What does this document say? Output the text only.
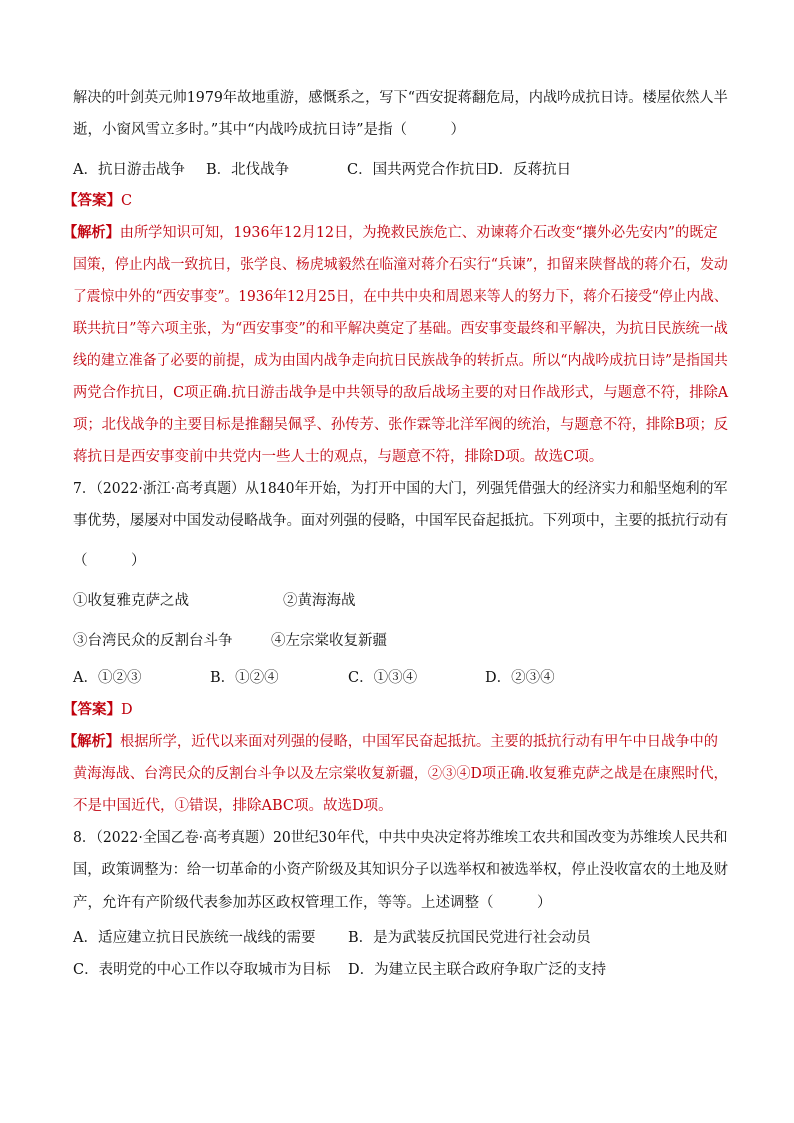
解决的叶剑英元帅1979年故地重游，感慨系之，写下“西安捉蒋翻危局，内战吟成抗日诗。楼屋依然人半
逝，小窗风雪立多时。”其中“内战吟成抗日诗”是指（　　　）
A．抗日游击战争 B．北伐战争	C．国共两党合作抗日D．反蒋抗日
【答案】C
【解析】由所学知识可知，1936年12月12日，为挽救民族危亡、劝谏蒋介石改变“攘外必先安内”的既定
国策，停止内战一致抗日，张学良、杨虎城毅然在临潼对蒋介石实行“兵谏”，扣留来陕督战的蒋介石，发动
了震惊中外的“西安事变”。1936年12月25日，在中共中央和周恩来等人的努力下，蒋介石接受“停止内战、
联共抗日”等六项主张，为“西安事变”的和平解决奠定了基础。西安事变最终和平解决，为抗日民族统一战
线的建立准备了必要的前提，成为由国内战争走向抗日民族战争的转折点。所以“内战吟成抗日诗”是指国共
两党合作抗日，C项正确.抗日游击战争是中共领导的敌后战场主要的对日作战形式，与题意不符，排除A
项；北伐战争的主要目标是推翻吴佩孚、孙传芳、张作霖等北洋军阀的统治，与题意不符，排除B项；反
蒋抗日是西安事变前中共党内一些人士的观点，与题意不符，排除D项。故选C项。
7．（2022·浙江·高考真题）从1840年开始，为打开中国的大门，列强凭借强大的经济实力和船坚炮利的军
事优势，屡屡对中国发动侵略战争。面对列强的侵略，中国军民奋起抵抗。下列项中，主要的抵抗行动有
（　　　）
①收复雅克萨之战	②黄海海战
③台湾民众的反割台斗争	④左宗棠收复新疆
A．①②③	B．①②④	C．①③④	D．②③④
【答案】D
【解析】根据所学，近代以来面对列强的侵略，中国军民奋起抵抗。主要的抵抗行动有甲午中日战争中的
黄海海战、台湾民众的反割台斗争以及左宗棠收复新疆，②③④D项正确.收复雅克萨之战是在康熙时代，
不是中国近代，①错误，排除ABC项。故选D项。
8．（2022·全国乙卷·高考真题）20世纪30年代，中共中央决定将苏维埃工农共和国改变为苏维埃人民共和
国，政策调整为：给一切革命的小资产阶级及其知识分子以选举权和被选举权，停止没收富农的土地及财
产，允许有产阶级代表参加苏区政权管理工作，等等。上述调整（　　　）
A．适应建立抗日民族统一战线的需要 B．是为武装反抗国民党进行社会动员
C．表明党的中心工作以夺取城市为目标 D．为建立民主联合政府争取广泛的支持
